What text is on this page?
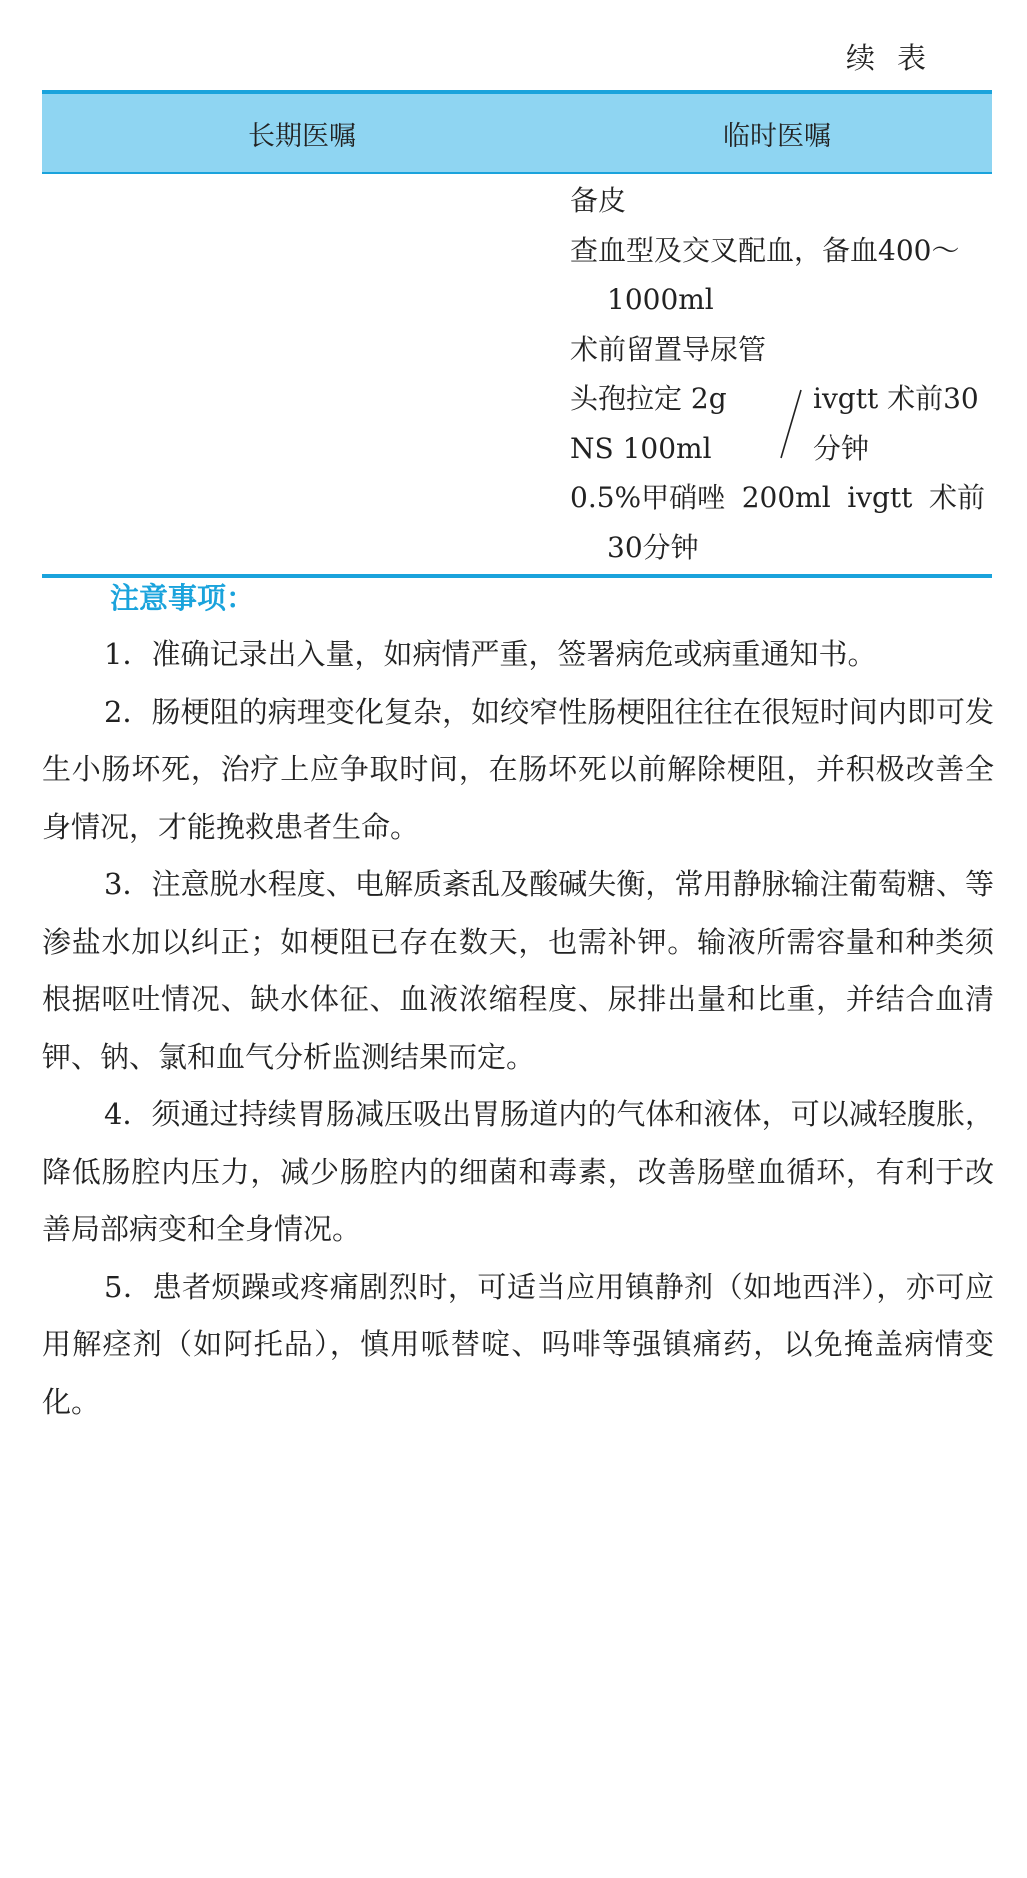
续表
长期医嘱	临时医嘱
备皮
查血型及交叉配血，备血400～
1000ml
术前留置导尿管
头孢拉定 2g
NS 100ml
ivgtt 术前30
分钟
0.5%甲硝唑 200ml ivgtt 术前
30分钟
注意事项：

1．准确记录出入量，如病情严重，签署病危或病重通知书。

2．肠梗阻的病理变化复杂，如绞窄性肠梗阻往往在很短时间内即可发生小肠坏死，治疗上应争取时间，在肠坏死以前解除梗阻，并积极改善全身情况，才能挽救患者生命。

3．注意脱水程度、电解质紊乱及酸碱失衡，常用静脉输注葡萄糖、等渗盐水加以纠正；如梗阻已存在数天，也需补钾。输液所需容量和种类须根据呕吐情况、缺水体征、血液浓缩程度、尿排出量和比重，并结合血清钾、钠、氯和血气分析监测结果而定。

4．须通过持续胃肠减压吸出胃肠道内的气体和液体，可以减轻腹胀，降低肠腔内压力，减少肠腔内的细菌和毒素，改善肠壁血循环，有利于改善局部病变和全身情况。

5．患者烦躁或疼痛剧烈时，可适当应用镇静剂（如地西泮），亦可应用解痉剂（如阿托品），慎用哌替啶、吗啡等强镇痛药，以免掩盖病情变化。
